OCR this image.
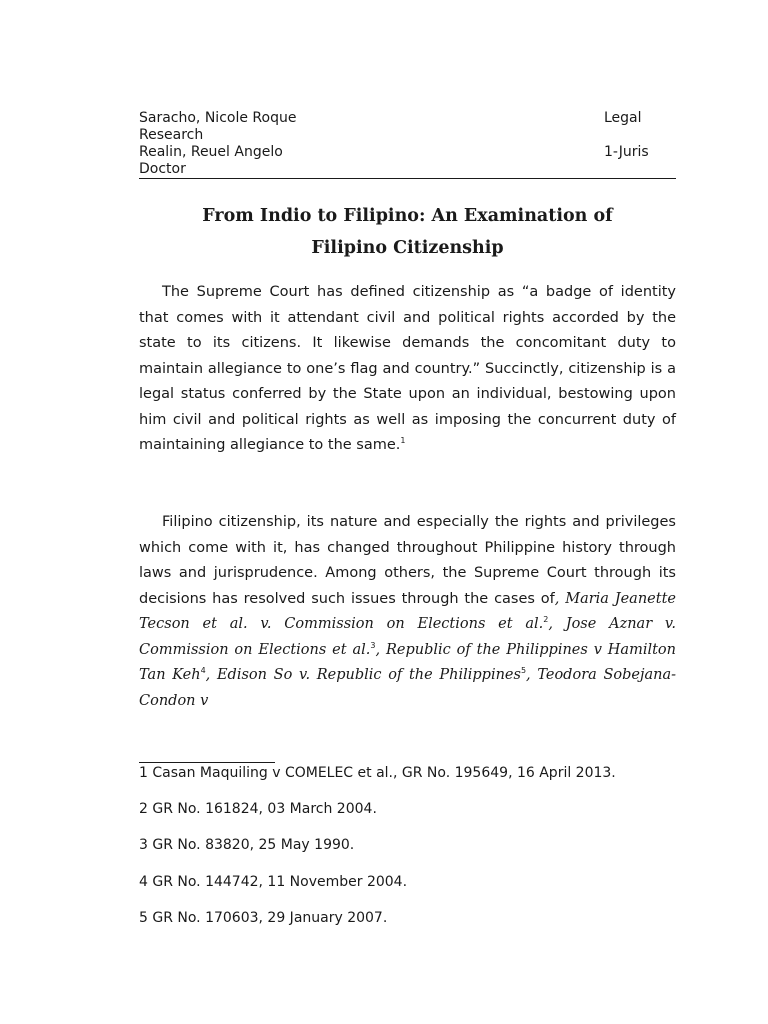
Saracho, Nicole Roque	Legal
Research
Realin, Reuel Angelo	1-Juris
Doctor
From Indio to Filipino: An Examination of
Filipino Citizenship

The Supreme Court has defined citizenship as “a badge of identity that comes with it attendant civil and political rights accorded by the state to its citizens. It likewise demands the concomitant duty to maintain allegiance to one’s flag and country.” Succinctly, citizenship is a legal status conferred by the State upon an individual, bestowing upon him civil and political rights as well as imposing the concurrent duty of maintaining allegiance to the same.$^1$

Filipino citizenship, its nature and especially the rights and privileges which come with it, has changed throughout Philippine history through laws and jurisprudence. Among others, the Supreme Court through its decisions has resolved such issues through the cases of, Maria Jeanette Tecson et al. v. Commission on Elections et al.$^2$, Jose Aznar v. Commission on Elections et al.$^3$, Republic of the Philippines v Hamilton Tan Keh$^4$, Edison So v. Republic of the Philippines$^5$, Teodora Sobejana-Condon v

1 Casan Maquiling v COMELEC et al., GR No. 195649, 16 April 2013.
2 GR No. 161824, 03 March 2004.
3 GR No. 83820, 25 May 1990.
4 GR No. 144742, 11 November 2004.
5 GR No. 170603, 29 January 2007.
